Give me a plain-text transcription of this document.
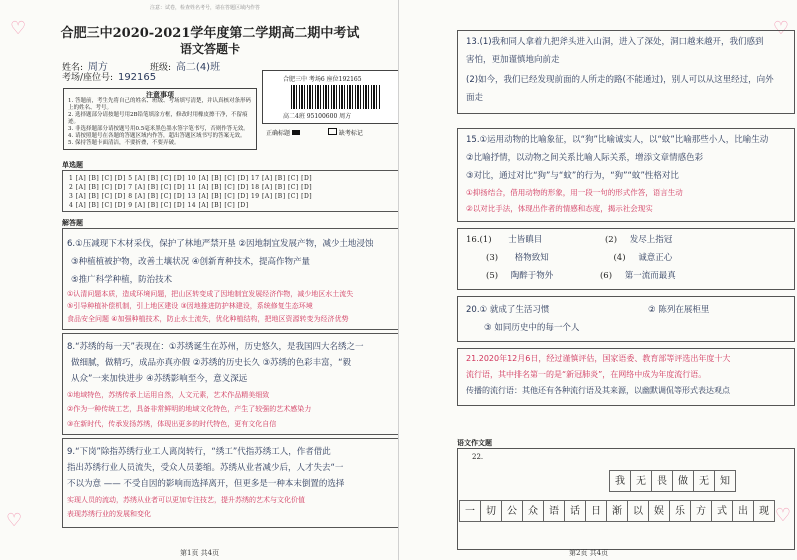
♡
♡
注意：试卷，检查姓名考号，请在答题区域内作答
合肥三中2020-2021学年度第二学期高二期中考试
语文答题卡
姓名: 周方	班级: 高二(4)班
考场/座位号: 192165	合肥三中 考场6 座位192165
高二4班 95100600 周方
正确标题	缺考标记
注意事项
1. 答题前，考生先将自己的姓名、班级、考场填写清楚，并认真核对条形码上的姓名、考号。
2. 选择题部分请按题号用2B铅笔填涂方框，修改时用橡皮擦干净，不留痕迹。
3. 非选择题部分请按题号用0.5毫米黑色墨水签字笔书写，否则作答无效。
4. 请按照题号在各题的答题区域内作答，超出答题区域书写的答案无效。
5. 保持答题卡面清洁，不要折叠，不要弄破。
单选题
1 [A] [B] [C] [D] 5 [A] [B] [C] [D] 10 [A] [B] [C] [D] 17 [A] [B] [C] [D]
2 [A] [B] [C] [D] 7 [A] [B] [C] [D] 11 [A] [B] [C] [D] 18 [A] [B] [C] [D]
3 [A] [B] [C] [D] 8 [A] [B] [C] [D] 13 [A] [B] [C] [D] 19 [A] [B] [C] [D]
4 [A] [B] [C] [D] 9 [A] [B] [C] [D] 14 [A] [B] [C] [D]
解答题
6.①压减现下木材采伐，保护了林地严禁开垦 ②因地制宜发展产物，减少土地浸蚀
③种植植被护物，改善土壤状况 ④创新育种技术，提高作物产量
⑤推广科学种植，防治技术
①认清问题本质，造成环境问题，把山区转变成了因地制宜发展经济作物，减少地区水土流失
⑤引导种植补偿机制，引上地区建设 ③因地推进防护林建设，系统修复生态环境
食品安全问题 ④加强种植技术，防止水土流失，优化种植结构，把地区资源转变为经济优势
8.“苏绣的每一天”表现在：①苏绣诞生在苏州，历史悠久，是我国四大名绣之一
做细腻，做精巧，成品亦真亦假 ②苏绣的历史长久 ③苏绣的色彩丰富，“毅
从众”一来加快进步 ④苏绣影响至今，意义深远
①地域特色，苏绣传承上运用自然，人文元素，艺术作品精美细致
②作为一种传统工艺，具备非常鲜明的地域文化特色，产生了较强的艺术感染力
③在新时代，传承发扬苏绣，体现出更多的时代特色，更有文化自信
9.“下岗”除指苏绣行业工人离岗转行，“绣工”代指苏绣工人，作者借此
指出苏绣行业人员流失，受众人员萎缩。苏绣从业者减少后，人才失去“一
不以为意 —— 不受自因的影响而选择离开，但更多是一种本末倒置的选择
实现人员的流动，苏绣从业者可以更加专注技艺，提升苏绣的艺术与文化价值
表现苏绣行业的发展和变化
第1页 共4页
♡
♡
13.(1)我和同人拿着九把斧头进入山洞，进入了深处，洞口越来越开，我们感到
害怕，更加谨慎地向前走
(2)如今，我们已经发现前面的人所走的路(不能通过)，别人可以从这里经过，向外
面走
15.①运用动物的比喻象征，以“狗”比喻诚实人，以“蚊”比喻那些小人，比喻生动
②比喻抒情，以动物之间关系比喻人际关系，增添文章情感色彩
③对比，通过对比“狗”与“蚊”的行为，“狗”“蚊”性格对比
①抑扬结合，借用动物的形象，用一段一句的形式作答，语言生动
②以对比手法，体现出作者的情感和态度，揭示社会现实
16.(1) 士皆瞋目	(2) 发尽上指冠
(3) 格物致知	(4) 诚意正心
(5) 陶醉于物外	(6) 第一流而最真
20.① 就成了生活习惯	② 陈列在展柜里
③ 如同历史中的每一个人
21.2020年12月6日，经过谨慎评估，国家语委、教育部等评选出年度十大
流行语，其中排名第一的是“新冠肺炎”，在网络中成为年度流行语。
传播的流行语：其他还有各种流行语及其来源，以幽默调侃等形式表达观点
语文作文题
22.
我	无	畏	做	无	知
一	切	公	众	语	话	日	渐	以	娱	乐	方	式	出	现
第2页 共4页
